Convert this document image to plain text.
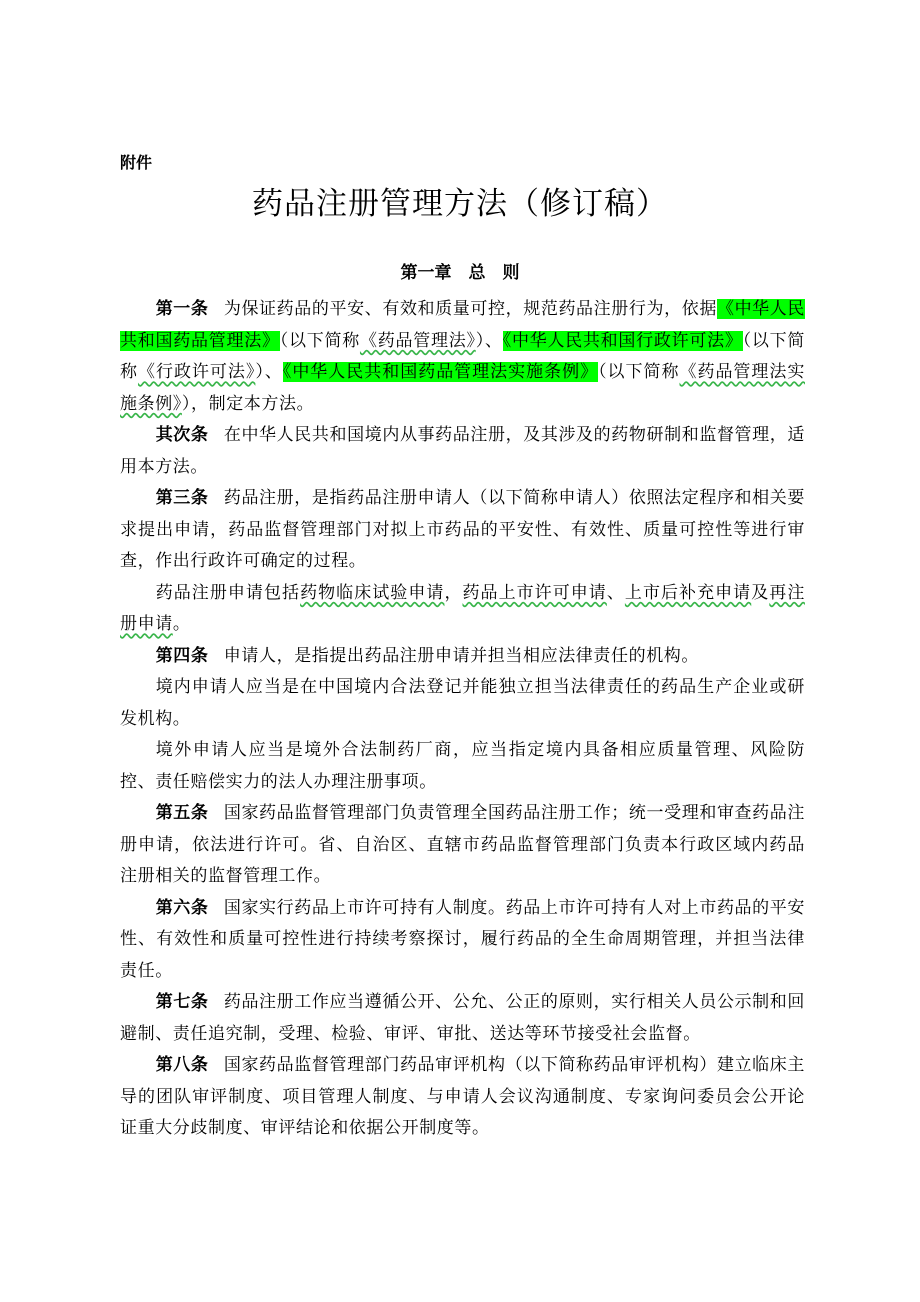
附件
药品注册管理方法（修订稿）
第一章　总　则
第一条 为保证药品的平安、有效和质量可控，规范药品注册行为，依据《中华人民共和国药品管理法》（以下简称《药品管理法》）、《中华人民共和国行政许可法》（以下简称《行政许可法》）、《中华人民共和国药品管理法实施条例》（以下简称《药品管理法实施条例》），制定本方法。
其次条 在中华人民共和国境内从事药品注册，及其涉及的药物研制和监督管理，适用本方法。
第三条 药品注册，是指药品注册申请人（以下简称申请人）依照法定程序和相关要求提出申请，药品监督管理部门对拟上市药品的平安性、有效性、质量可控性等进行审查，作出行政许可确定的过程。
药品注册申请包括药物临床试验申请，药品上市许可申请、上市后补充申请及再注册申请。
第四条 申请人，是指提出药品注册申请并担当相应法律责任的机构。
境内申请人应当是在中国境内合法登记并能独立担当法律责任的药品生产企业或研发机构。
境外申请人应当是境外合法制药厂商，应当指定境内具备相应质量管理、风险防控、责任赔偿实力的法人办理注册事项。
第五条 国家药品监督管理部门负责管理全国药品注册工作；统一受理和审查药品注册申请，依法进行许可。省、自治区、直辖市药品监督管理部门负责本行政区域内药品注册相关的监督管理工作。
第六条 国家实行药品上市许可持有人制度。药品上市许可持有人对上市药品的平安性、有效性和质量可控性进行持续考察探讨，履行药品的全生命周期管理，并担当法律责任。
第七条 药品注册工作应当遵循公开、公允、公正的原则，实行相关人员公示制和回避制、责任追究制，受理、检验、审评、审批、送达等环节接受社会监督。
第八条 国家药品监督管理部门药品审评机构（以下简称药品审评机构）建立临床主导的团队审评制度、项目管理人制度、与申请人会议沟通制度、专家询问委员会公开论证重大分歧制度、审评结论和依据公开制度等。
